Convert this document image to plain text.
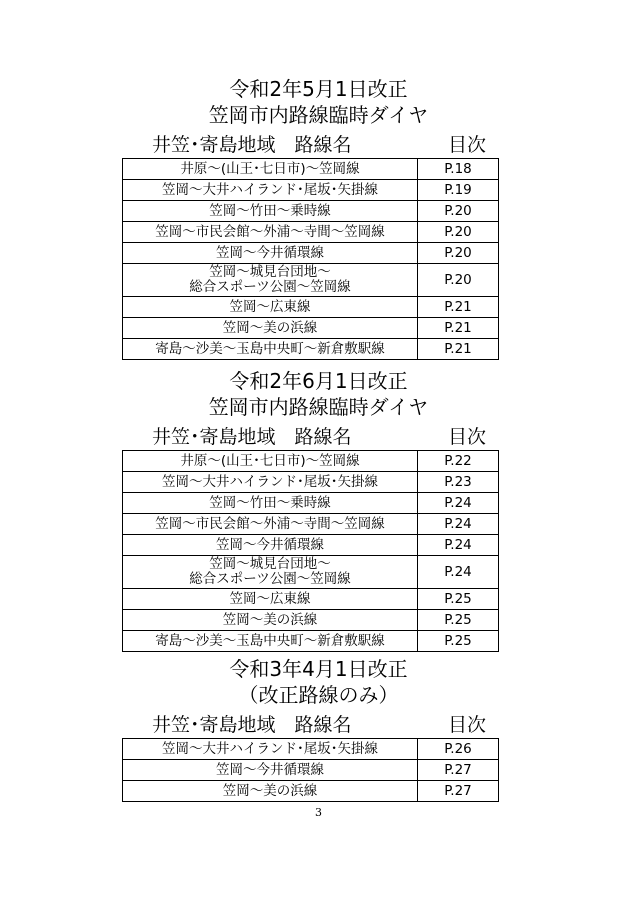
令和2年5月1日改正
笠岡市内路線臨時ダイヤ
井笠･寄島地域　路線名	目次
井原～(山王･七日市)～笠岡線	P.18
笠岡～大井ハイランド･尾坂･矢掛線	P.19
笠岡～竹田～乗時線	P.20
笠岡～市民会館～外浦～寺間～笠岡線	P.20
笠岡～今井循環線	P.20

笠岡～城見台団地～
総合スポーツ公園～笠岡線	P.20
笠岡～広東線	P.21
笠岡～美の浜線	P.21
寄島～沙美～玉島中央町～新倉敷駅線	P.21
令和2年6月1日改正
笠岡市内路線臨時ダイヤ
井笠･寄島地域　路線名	目次
井原～(山王･七日市)～笠岡線	P.22
笠岡～大井ハイランド･尾坂･矢掛線	P.23
笠岡～竹田～乗時線	P.24
笠岡～市民会館～外浦～寺間～笠岡線	P.24
笠岡～今井循環線	P.24

笠岡～城見台団地～
総合スポーツ公園～笠岡線	P.24
笠岡～広東線	P.25
笠岡～美の浜線	P.25
寄島～沙美～玉島中央町～新倉敷駅線	P.25
令和3年4月1日改正
（改正路線のみ）
井笠･寄島地域　路線名	目次
笠岡～大井ハイランド･尾坂･矢掛線	P.26
笠岡～今井循環線	P.27
笠岡～美の浜線	P.27
3
